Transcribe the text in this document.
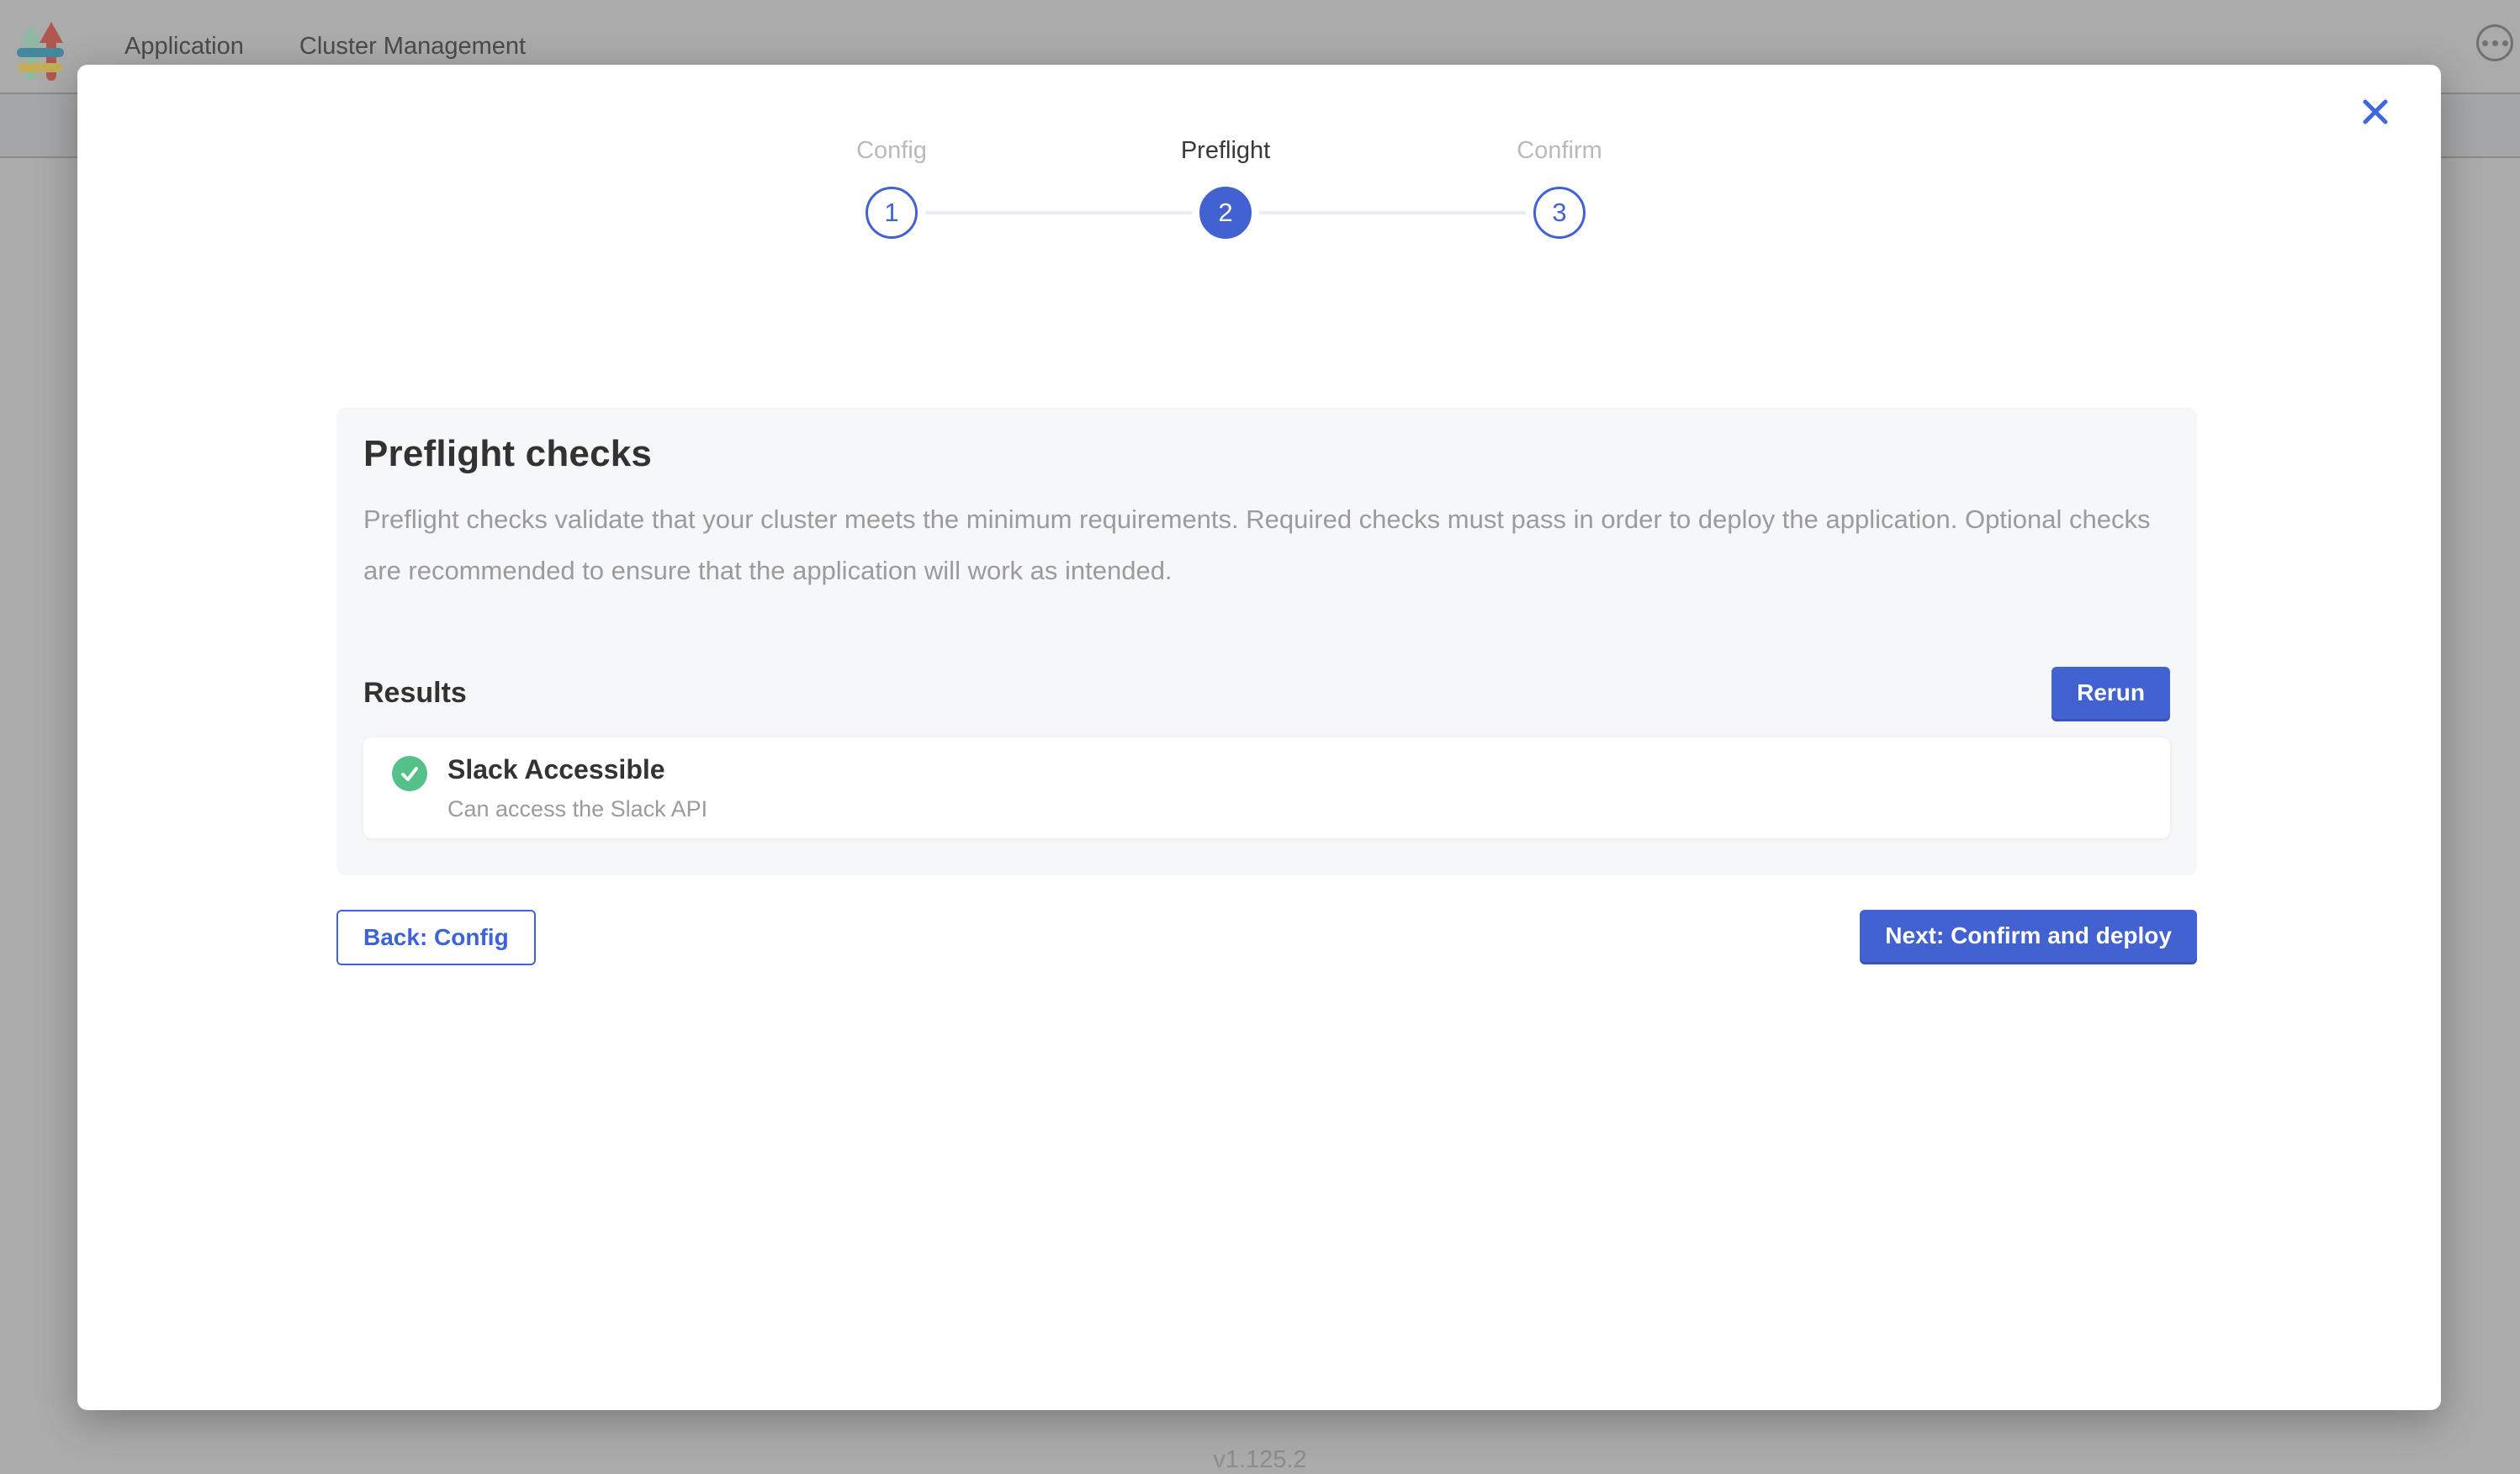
Application Cluster Management
v1.125.2
Config
1
Preflight
2
Confirm
3
Preflight checks
Preflight checks validate that your cluster meets the minimum requirements. Required checks must pass in order to deploy the application. Optional checks are recommended to ensure that the application will work as intended.
Results	Rerun
Slack Accessible
Can access the Slack API
Back: Config	Next: Confirm and deploy
